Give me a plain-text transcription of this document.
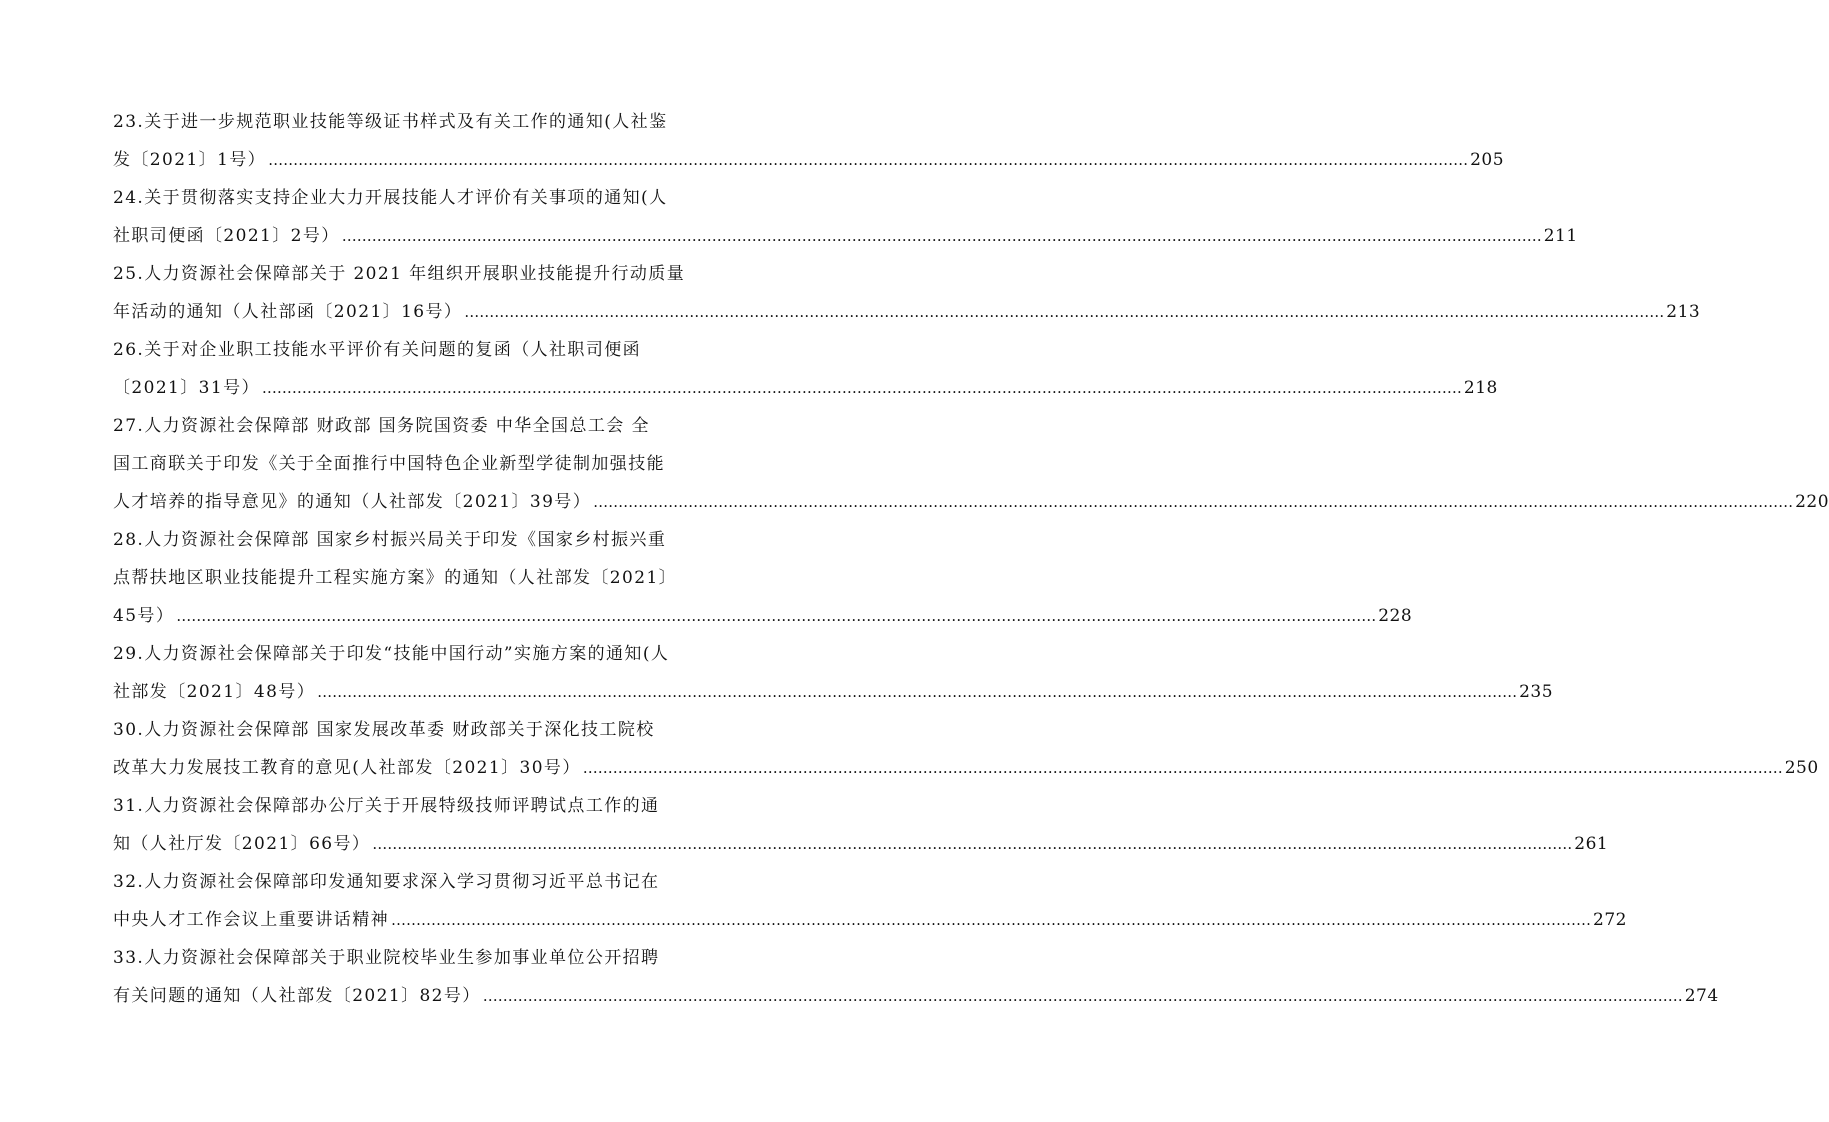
23.关于进一步规范职业技能等级证书样式及有关工作的通知(人社鉴
发〔2021〕1号） …………………………………………………………………………………………………………………………………………………………………………………………………………………… 205
24.关于贯彻落实支持企业大力开展技能人才评价有关事项的通知(人
社职司便函〔2021〕2号） …………………………………………………………………………………………………………………………………………………………………………………………………………………… 211
25.人力资源社会保障部关于 2021 年组织开展职业技能提升行动质量
年活动的通知（人社部函〔2021〕16号） …………………………………………………………………………………………………………………………………………………………………………………………………………………… 213
26.关于对企业职工技能水平评价有关问题的复函（人社职司便函
〔2021〕31号） …………………………………………………………………………………………………………………………………………………………………………………………………………………… 218
27.人力资源社会保障部 财政部 国务院国资委 中华全国总工会 全
国工商联关于印发《关于全面推行中国特色企业新型学徒制加强技能
人才培养的指导意见》的通知（人社部发〔2021〕39号） …………………………………………………………………………………………………………………………………………………………………………………………………………………… 220
28.人力资源社会保障部 国家乡村振兴局关于印发《国家乡村振兴重
点帮扶地区职业技能提升工程实施方案》的通知（人社部发〔2021〕
45号） …………………………………………………………………………………………………………………………………………………………………………………………………………………… 228
29.人力资源社会保障部关于印发“技能中国行动”实施方案的通知(人
社部发〔2021〕48号） …………………………………………………………………………………………………………………………………………………………………………………………………………………… 235
30.人力资源社会保障部 国家发展改革委 财政部关于深化技工院校
改革大力发展技工教育的意见(人社部发〔2021〕30号） …………………………………………………………………………………………………………………………………………………………………………………………………………………… 250
31.人力资源社会保障部办公厅关于开展特级技师评聘试点工作的通
知（人社厅发〔2021〕66号） …………………………………………………………………………………………………………………………………………………………………………………………………………………… 261
32.人力资源社会保障部印发通知要求深入学习贯彻习近平总书记在
中央人才工作会议上重要讲话精神 …………………………………………………………………………………………………………………………………………………………………………………………………………………… 272
33.人力资源社会保障部关于职业院校毕业生参加事业单位公开招聘
有关问题的通知（人社部发〔2021〕82号） …………………………………………………………………………………………………………………………………………………………………………………………………………………… 274
